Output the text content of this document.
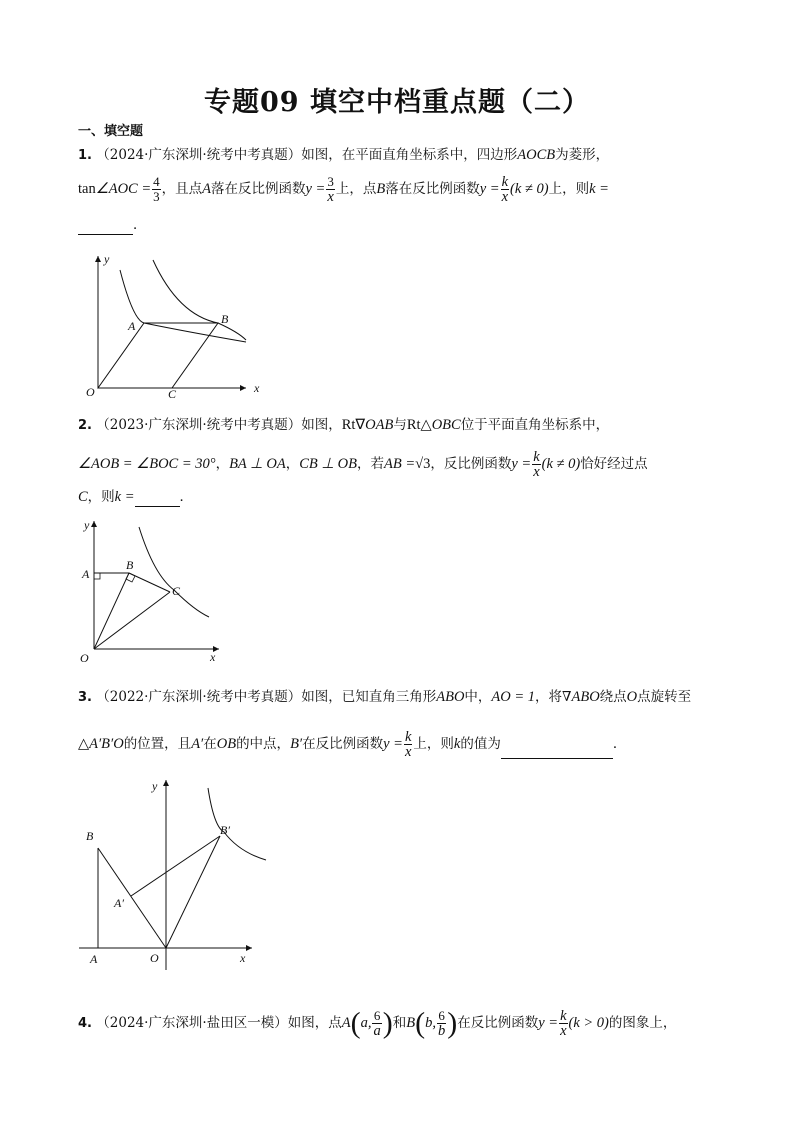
专题09 填空中档重点题（二）
一、填空题
1. （2024·广东深圳·统考中考真题）如图，在平面直角坐标系中，四边形AOCB为菱形，
tan∠AOC = $\frac{4}{3}$ ，且点A落在反比例函数$y = \frac{3}{x}$ 上，点B落在反比例函数$y = \frac{k}{x} (k \ne 0)$上，则k =
．
y
A	B
O	C	x
2. （2023·广东深圳·统考中考真题）如图，Rt∇OAB与Rt△OBC位于平面直角坐标系中，
∠AOB = ∠BOC = 30°，BA ⊥ OA，CB ⊥ OB，若AB =√3，反比例函数$y = \frac{k}{x} (k \ne 0)$恰好经过点
C，则k =	．
y
A
B
C
O	x
3. （2022·广东深圳·统考中考真题）如图，已知直角三角形ABO中，AO = 1，将∇ABO绕点O点旋转至
△A′B′O的位置，且A′在OB的中点，B′在反比例函数$y = \frac{k}{x}$ 上，则k的值为	．
y
B	B′
A′
A	O	x
4. （2024·广东深圳·盐田区一模）如图，点A(a, $\frac{6}{a}$ )和B(b, $\frac{6}{b}$ )在反比例函数$y = \frac{k}{x} (k > 0)$的图象上，
